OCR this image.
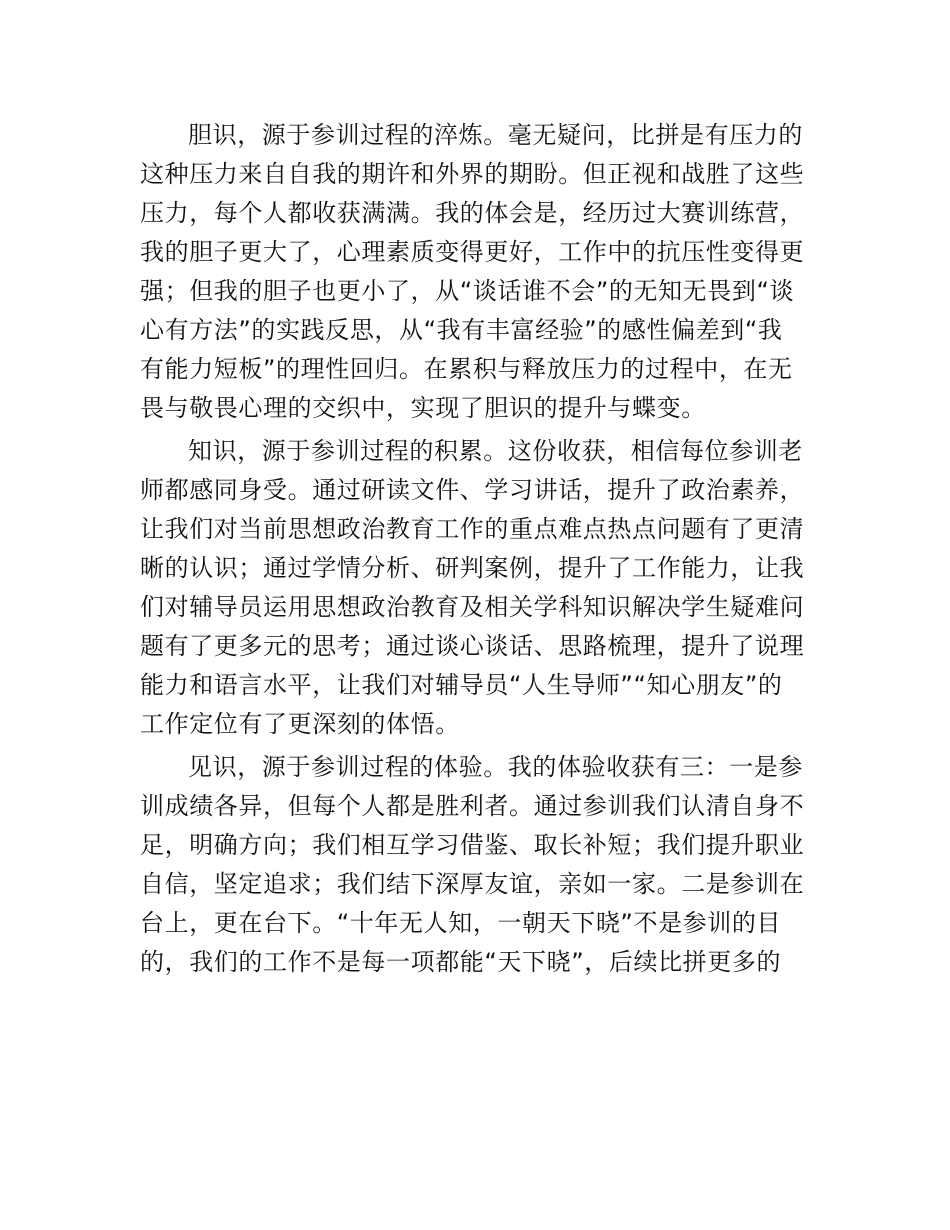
胆识，源于参训过程的淬炼。毫无疑问，比拼是有压力的
这种压力来自自我的期许和外界的期盼。但正视和战胜了这些
压力，每个人都收获满满。我的体会是，经历过大赛训练营，
我的胆子更大了，心理素质变得更好，工作中的抗压性变得更
强；但我的胆子也更小了，从“谈话谁不会”的无知无畏到“谈
心有方法”的实践反思，从“我有丰富经验”的感性偏差到“我
有能力短板”的理性回归。在累积与释放压力的过程中，在无
畏与敬畏心理的交织中，实现了胆识的提升与蝶变。
知识，源于参训过程的积累。这份收获，相信每位参训老
师都感同身受。通过研读文件、学习讲话，提升了政治素养，
让我们对当前思想政治教育工作的重点难点热点问题有了更清
晰的认识；通过学情分析、研判案例，提升了工作能力，让我
们对辅导员运用思想政治教育及相关学科知识解决学生疑难问
题有了更多元的思考；通过谈心谈话、思路梳理，提升了说理
能力和语言水平，让我们对辅导员“人生导师”“知心朋友”的
工作定位有了更深刻的体悟。
见识，源于参训过程的体验。我的体验收获有三：一是参
训成绩各异，但每个人都是胜利者。通过参训我们认清自身不
足，明确方向；我们相互学习借鉴、取长补短；我们提升职业
自信，坚定追求；我们结下深厚友谊，亲如一家。二是参训在
台上，更在台下。“十年无人知，一朝天下晓”不是参训的目
的，我们的工作不是每一项都能“天下晓”，后续比拼更多的
